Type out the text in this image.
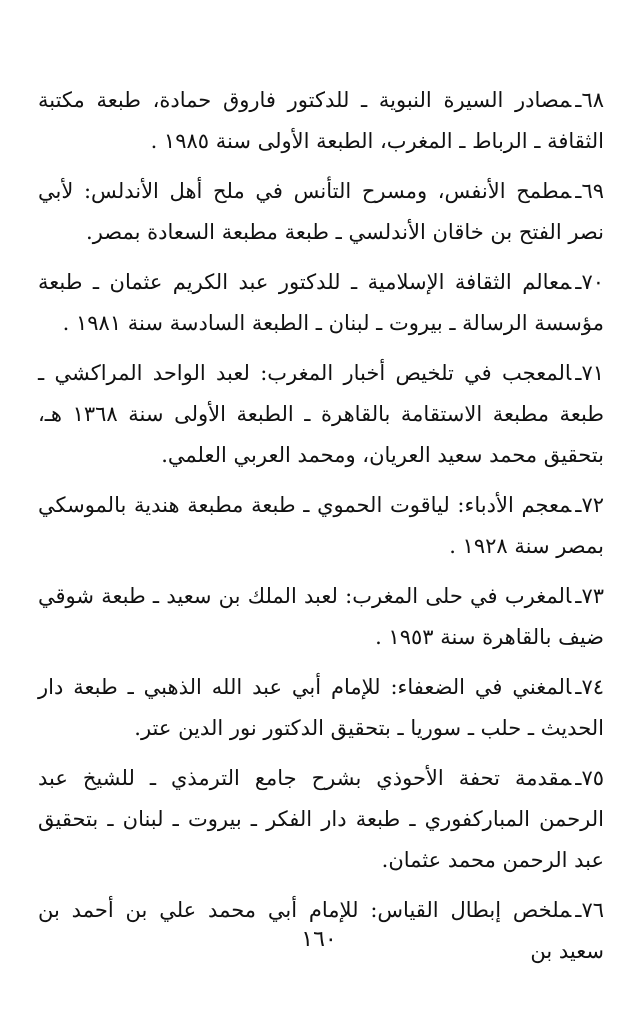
٦٨ـمصادر السيرة النبوية ـ للدكتور فاروق حمادة، طبعة مكتبة الثقافة ـ الرباط ـ المغرب، الطبعة الأولى سنة ١٩٨٥ .

٦٩ـمطمح الأنفس، ومسرح التأنس في ملح أهل الأندلس: لأبي نصر الفتح بن خاقان الأندلسي ـ طبعة مطبعة السعادة بمصر.

٧٠ـمعالم الثقافة الإسلامية ـ للدكتور عبد الكريم عثمان ـ طبعة مؤسسة الرسالة ـ بيروت ـ لبنان ـ الطبعة السادسة سنة ١٩٨١ .

٧١ـالمعجب في تلخيص أخبار المغرب: لعبد الواحد المراكشي ـ طبعة مطبعة الاستقامة بالقاهرة ـ الطبعة الأولى سنة ١٣٦٨ هـ، بتحقيق محمد سعيد العريان، ومحمد العربي العلمي.

٧٢ـمعجم الأدباء: لياقوت الحموي ـ طبعة مطبعة هندية بالموسكي بمصر سنة ١٩٢٨ .

٧٣ـالمغرب في حلى المغرب: لعبد الملك بن سعيد ـ طبعة شوقي ضيف بالقاهرة سنة ١٩٥٣ .

٧٤ـالمغني في الضعفاء: للإمام أبي عبد الله الذهبي ـ طبعة دار الحديث ـ حلب ـ سوريا ـ بتحقيق الدكتور نور الدين عتر.

٧٥ـمقدمة تحفة الأحوذي بشرح جامع الترمذي ـ للشيخ عبد الرحمن المباركفوري ـ طبعة دار الفكر ـ بيروت ـ لبنان ـ بتحقيق عبد الرحمن محمد عثمان.

٧٦ـملخص إبطال القياس: للإمام أبي محمد علي بن أحمد بن سعيد بن

١٦٠
